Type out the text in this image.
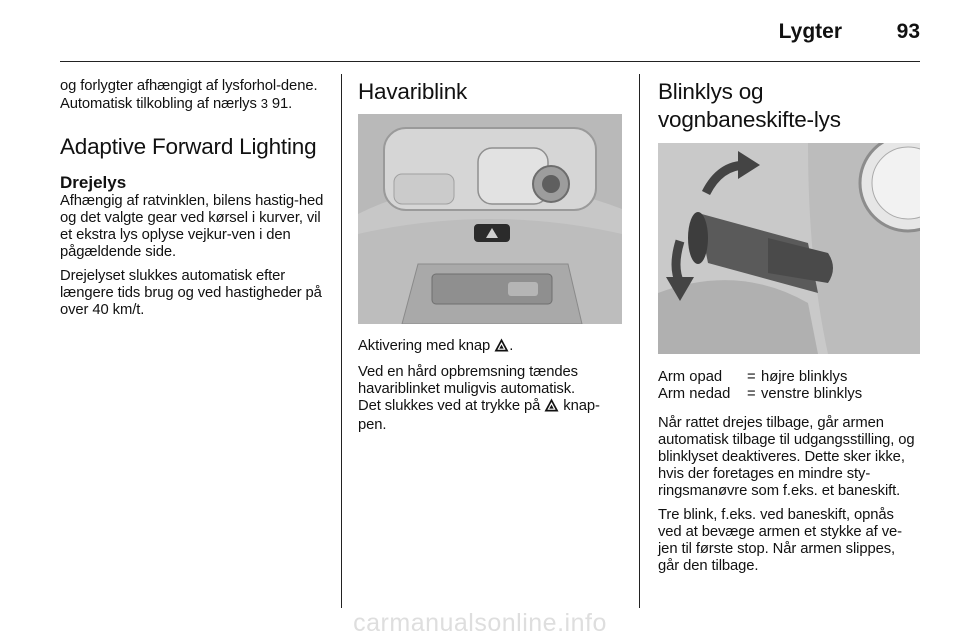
Lygter	93

og forlygter afhængigt af lysforhol-dene. Automatisk tilkobling af nærlys 3 91.

Adaptive Forward Lighting
Drejelys

Afhængig af ratvinklen, bilens hastig-hed og det valgte gear ved kørsel i kurver, vil et ekstra lys oplyse vejkur-ven i den pågældende side.

Drejelyset slukkes automatisk efter længere tids brug og ved hastigheder på over 40 km/t.

Havariblink

Aktivering med knap .

Ved en hård opbremsning tændes havariblinket muligvis automatisk.

Det slukkes ved at trykke på knap-pen.

Blinklys og
vognbaneskifte-lys
Arm opad	=	højre blinklys
Arm nedad	=	venstre blinklys

Når rattet drejes tilbage, går armen automatisk tilbage til udgangsstilling, og blinklyset deaktiveres. Dette sker ikke, hvis der foretages en mindre sty-ringsmanøvre som f.eks. et baneskift.

Tre blink, f.eks. ved baneskift, opnås ved at bevæge armen et stykke af ve-jen til første stop. Når armen slippes, går den tilbage.

carmanualsonline.info
